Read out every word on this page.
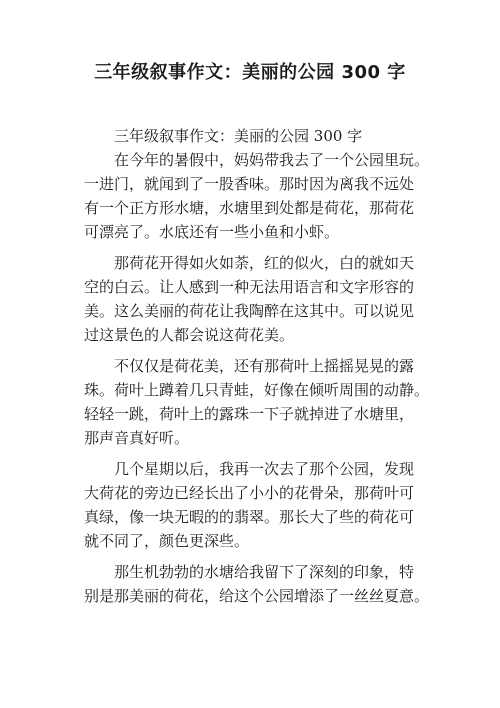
三年级叙事作文：美丽的公园 300 字
三年级叙事作文：美丽的公园 300 字
在今年的暑假中，妈妈带我去了一个公园里玩。
一进门，就闻到了一股香味。那时因为离我不远处
有一个正方形水塘，水塘里到处都是荷花，那荷花
可漂亮了。水底还有一些小鱼和小虾。
那荷花开得如火如荼，红的似火，白的就如天
空的白云。让人感到一种无法用语言和文字形容的
美。这么美丽的荷花让我陶醉在这其中。可以说见
过这景色的人都会说这荷花美。
不仅仅是荷花美，还有那荷叶上摇摇晃晃的露
珠。荷叶上蹲着几只青蛙，好像在倾听周围的动静。
轻轻一跳，荷叶上的露珠一下子就掉进了水塘里，
那声音真好听。
几个星期以后，我再一次去了那个公园，发现
大荷花的旁边已经长出了小小的花骨朵，那荷叶可
真绿，像一块无暇的的翡翠。那长大了些的荷花可
就不同了，颜色更深些。
那生机勃勃的水塘给我留下了深刻的印象，特
别是那美丽的荷花，给这个公园增添了一丝丝夏意。
